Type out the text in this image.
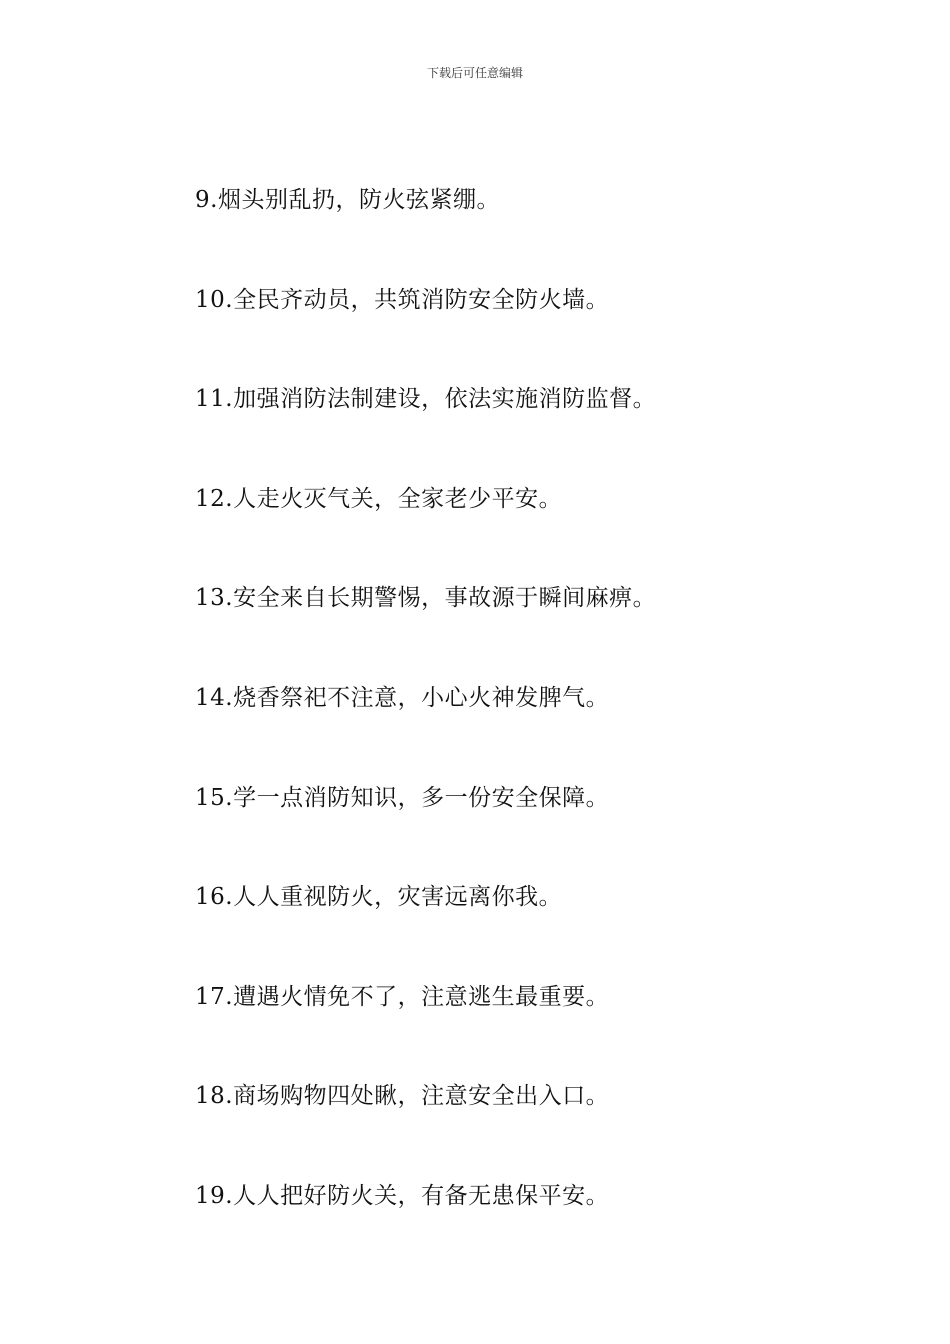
下载后可任意编辑
9.烟头别乱扔，防火弦紧绷。
10.全民齐动员，共筑消防安全防火墙。
11.加强消防法制建设，依法实施消防监督。
12.人走火灭气关，全家老少平安。
13.安全来自长期警惕，事故源于瞬间麻痹。
14.烧香祭祀不注意，小心火神发脾气。
15.学一点消防知识，多一份安全保障。
16.人人重视防火，灾害远离你我。
17.遭遇火情免不了，注意逃生最重要。
18.商场购物四处瞅，注意安全出入口。
19.人人把好防火关，有备无患保平安。
